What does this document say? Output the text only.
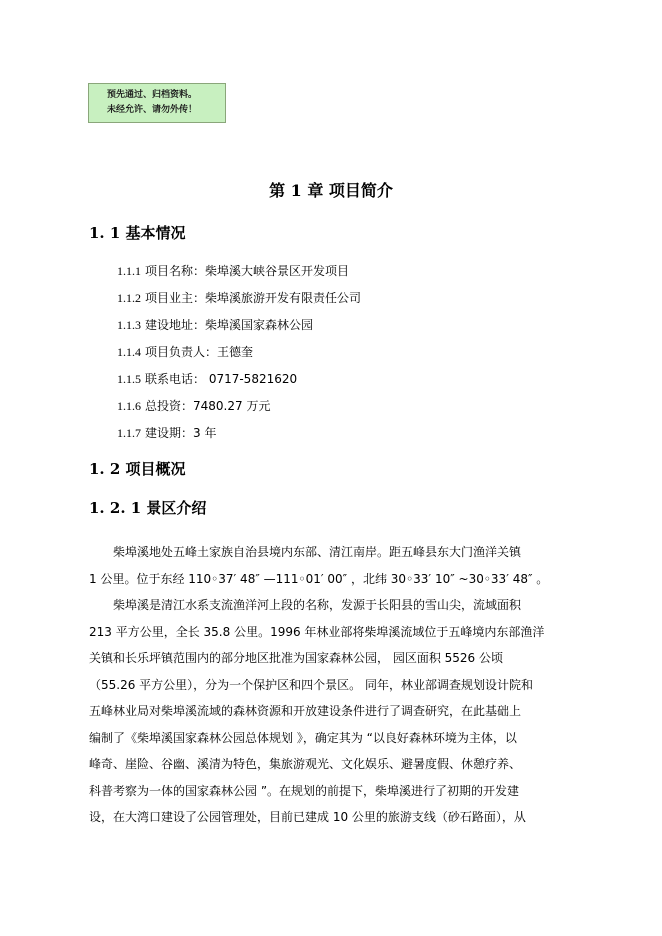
预先通过、归档资料。
未经允许、请勿外传！
第 1 章 项目简介
1. 1 基本情况
1.1.1 项目名称：柴埠溪大峡谷景区开发项目
1.1.2 项目业主：柴埠溪旅游开发有限责任公司
1.1.3 建设地址：柴埠溪国家森林公园
1.1.4 项目负责人：王德奎
1.1.5 联系电话： 0717-5821620
1.1.6 总投资：7480.27 万元
1.1.7 建设期：3 年
1. 2 项目概况
1. 2. 1 景区介绍
柴埠溪地处五峰土家族自治县境内东部、清江南岸。距五峰县东大门渔洋关镇
1 公里。位于东经 110◦37′ 48″ —111◦01′ 00″ ，北纬 30◦33′ 10″ ~30◦33′ 48″ 。
柴埠溪是清江水系支流渔洋河上段的名称，发源于长阳县的雪山尖，流域面积
213 平方公里，全长 35.8 公里。1996 年林业部将柴埠溪流域位于五峰境内东部渔洋
关镇和长乐坪镇范围内的部分地区批准为国家森林公园， 园区面积 5526 公顷
（55.26 平方公里），分为一个保护区和四个景区。 同年，林业部调查规划设计院和
五峰林业局对柴埠溪流域的森林资源和开放建设条件进行了调查研究，在此基础上
编制了《柴埠溪国家森林公园总体规划 》，确定其为 “以良好森林环境为主体，以
峰奇、崖险、谷幽、溪清为特色，集旅游观光、文化娱乐、避暑度假、休憩疗养、
科普考察为一体的国家森林公园 ”。在规划的前提下，柴埠溪进行了初期的开发建
设，在大湾口建设了公园管理处，目前已建成 10 公里的旅游支线（砂石路面），从
